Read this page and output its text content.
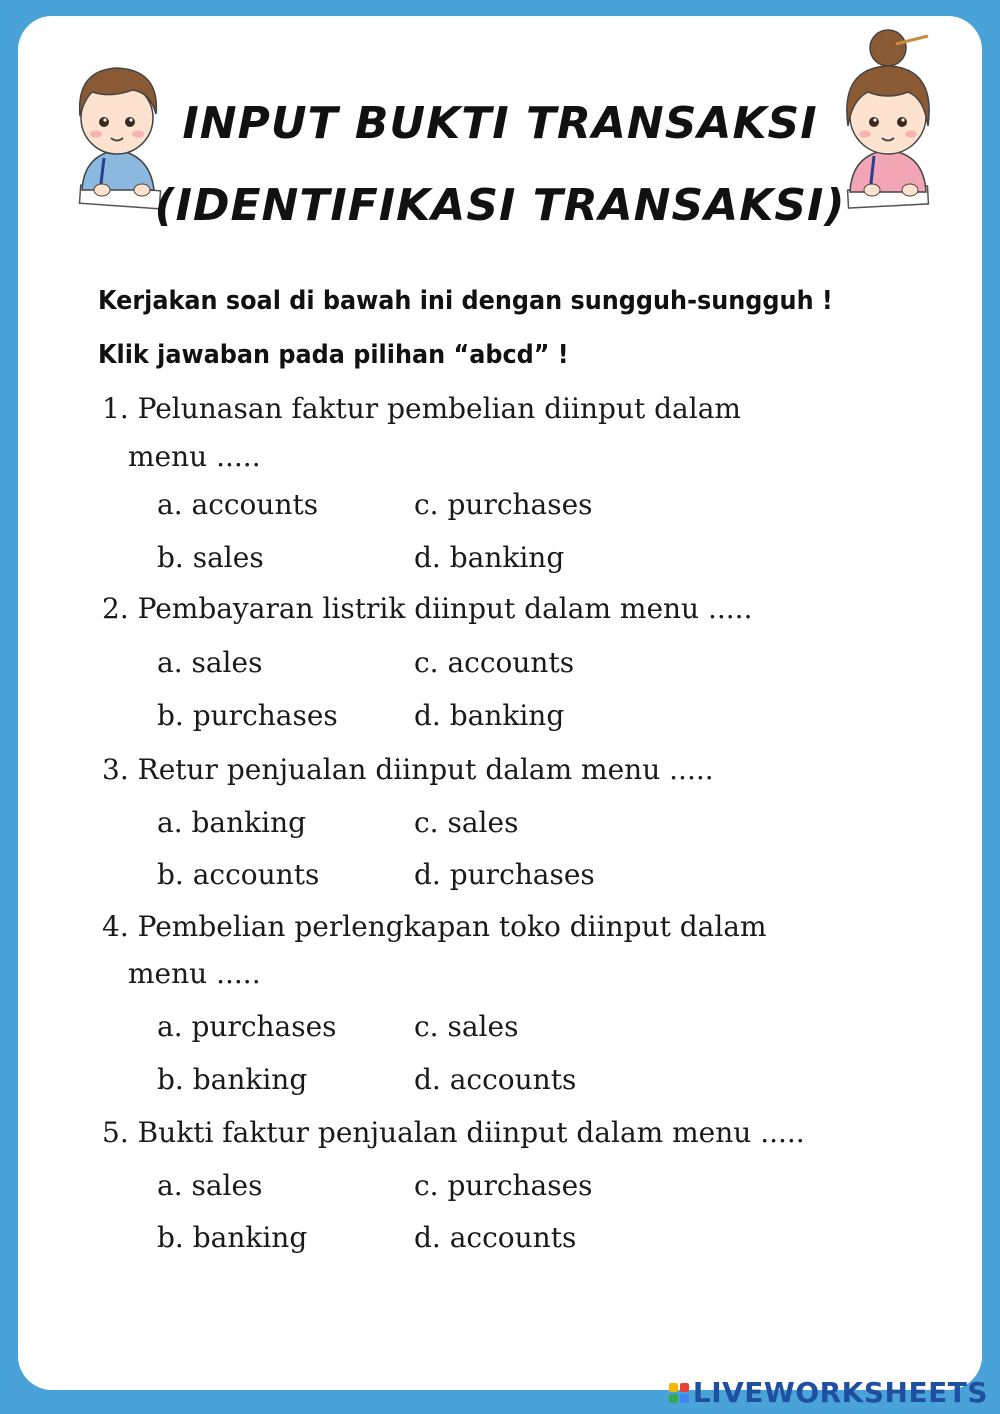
INPUT BUKTI TRANSAKSI
(IDENTIFIKASI TRANSAKSI)
Kerjakan soal di bawah ini dengan sungguh-sungguh !
Klik jawaban pada pilihan “abcd” !
1. Pelunasan faktur pembelian diinput dalam
menu .....
a. accounts	c. purchases
b. sales	d. banking
2. Pembayaran listrik diinput dalam menu .....
a. sales	c. accounts
b. purchases	d. banking
3. Retur penjualan diinput dalam menu .....
a. banking	c. sales
b. accounts	d. purchases
4. Pembelian perlengkapan toko diinput dalam
menu .....
a. purchases	c. sales
b. banking	d. accounts
5. Bukti faktur penjualan diinput dalam menu .....
a. sales	c. purchases
b. banking	d. accounts
LIVEWORKSHEETS
